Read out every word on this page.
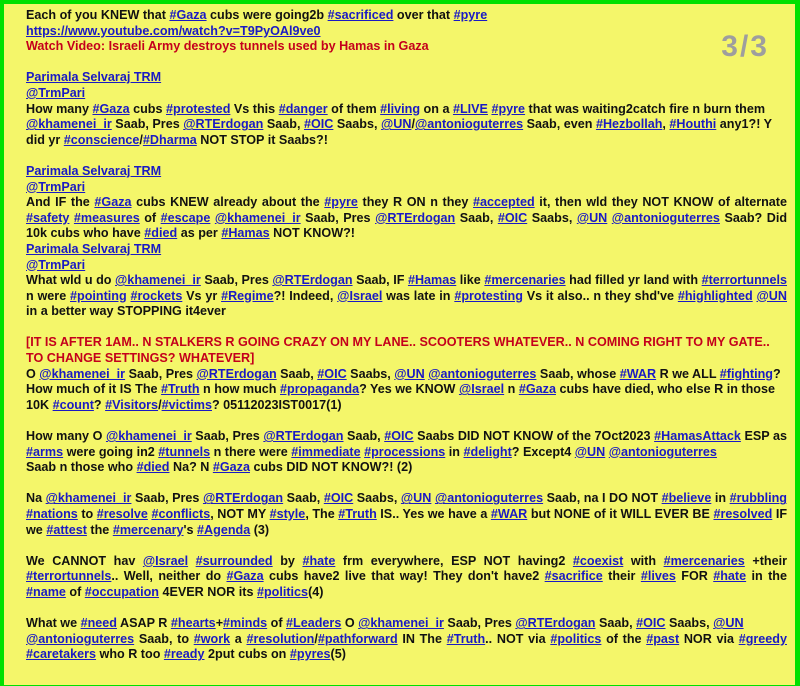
3/3

Each of you KNEW that #Gaza cubs were going2b #sacrificed over that #pyre

https://www.youtube.com/watch?v=T9PyOAl9ve0

Watch Video: Israeli Army destroys tunnels used by Hamas in Gaza

Parimala Selvaraj TRM

@TrmPari

How many #Gaza cubs #protested Vs this #danger of them #living on a #LIVE #pyre that was waiting2catch fire n burn them @khamenei_ir Saab, Pres @RTErdogan Saab, #OIC Saabs, @UN/@antonioguterres Saab, even #Hezbollah, #Houthi any1?! Y did yr #conscience/#Dharma NOT STOP it Saabs?!

Parimala Selvaraj TRM

@TrmPari

And IF the #Gaza cubs KNEW already about the #pyre they R ON n they #accepted it, then wld they NOT KNOW of alternate #safety #measures of #escape @khamenei_ir Saab, Pres @RTErdogan Saab, #OIC Saabs, @UN @antonioguterres Saab? Did 10k cubs who have #died as per #Hamas NOT KNOW?!

Parimala Selvaraj TRM

@TrmPari

What wld u do @khamenei_ir Saab, Pres @RTErdogan Saab, IF #Hamas like #mercenaries had filled yr land with #terrortunnels n were #pointing #rockets Vs yr #Regime?! Indeed, @Israel was late in #protesting Vs it also.. n they shd've #highlighted @UN in a better way STOPPING it4ever

[IT IS AFTER 1AM.. N STALKERS R GOING CRAZY ON MY LANE.. SCOOTERS WHATEVER.. N COMING RIGHT TO MY GATE.. TO CHANGE SETTINGS? WHATEVER]

O @khamenei_ir Saab, Pres @RTErdogan Saab, #OIC Saabs, @UN @antonioguterres Saab, whose #WAR R we ALL #fighting? How much of it IS The #Truth n how much #propaganda? Yes we KNOW @Israel n #Gaza cubs have died, who else R in those 10K #count? #Visitors/#victims? 05112023IST0017(1)

How many O @khamenei_ir Saab, Pres @RTErdogan Saab, #OIC Saabs DID NOT KNOW of the 7Oct2023 #HamasAttack ESP as #arms were going in2 #tunnels n there were #immediate #processions in #delight? Except4 @UN @antonioguterres
Saab n those who #died Na? N #Gaza cubs DID NOT KNOW?! (2)

Na @khamenei_ir Saab, Pres @RTErdogan Saab, #OIC Saabs, @UN @antonioguterres Saab, na I DO NOT #believe in #rubbling #nations to #resolve #conflicts, NOT MY #style, The #Truth IS.. Yes we have a #WAR but NONE of it WILL EVER BE #resolved IF we #attest the #mercenary's #Agenda (3)

We CANNOT hav @Israel #surrounded by #hate frm everywhere, ESP NOT having2 #coexist with #mercenaries +their #terrortunnels.. Well, neither do #Gaza cubs have2 live that way! They don't have2 #sacrifice their #lives FOR #hate in the #name of #occupation 4EVER NOR its #politics(4)

What we #need ASAP R #hearts+#minds of #Leaders O @khamenei_ir Saab, Pres @RTErdogan Saab, #OIC Saabs, @UN
@antonioguterres Saab, to #work a #resolution/#pathforward IN The #Truth.. NOT via #politics of the #past NOR via #greedy #caretakers who R too #ready 2put cubs on #pyres(5)
